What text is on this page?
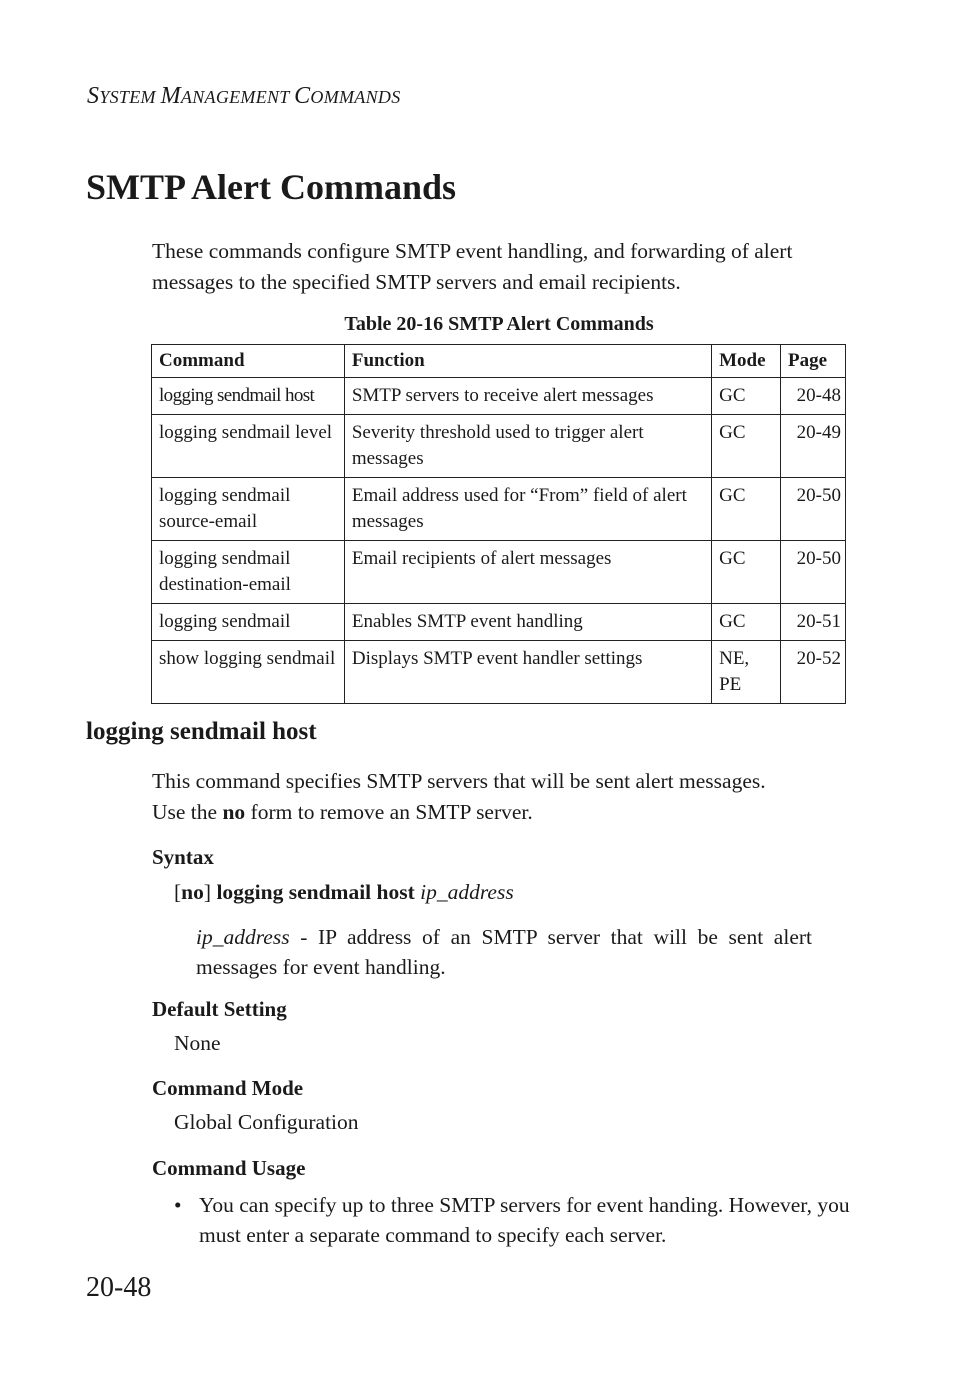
SYSTEM MANAGEMENT COMMANDS
SMTP Alert Commands

These commands configure SMTP event handling, and forwarding of alert messages to the specified SMTP servers and email recipients.

Table 20-16 SMTP Alert Commands
Command	Function	Mode	Page
logging sendmail host	SMTP servers to receive alert messages	GC	20-48
logging sendmail level	Severity threshold used to trigger alert messages	GC	20-49
logging sendmail source-email	Email address used for “From” field of alert messages	GC	20-50
logging sendmail destination-email	Email recipients of alert messages	GC	20-50
logging sendmail	Enables SMTP event handling	GC	20-51
show logging sendmail	Displays SMTP event handler settings	NE, PE	20-52
logging sendmail host

This command specifies SMTP servers that will be sent alert messages.
Use the no form to remove an SMTP server.

Syntax

[no] logging sendmail host ip_address

ip_address - IP address of an SMTP server that will be sent alert messages for event handling.

Default Setting

None

Command Mode

Global Configuration

Command Usage

• You can specify up to three SMTP servers for event handing. However, you must enter a separate command to specify each server.
20-48
